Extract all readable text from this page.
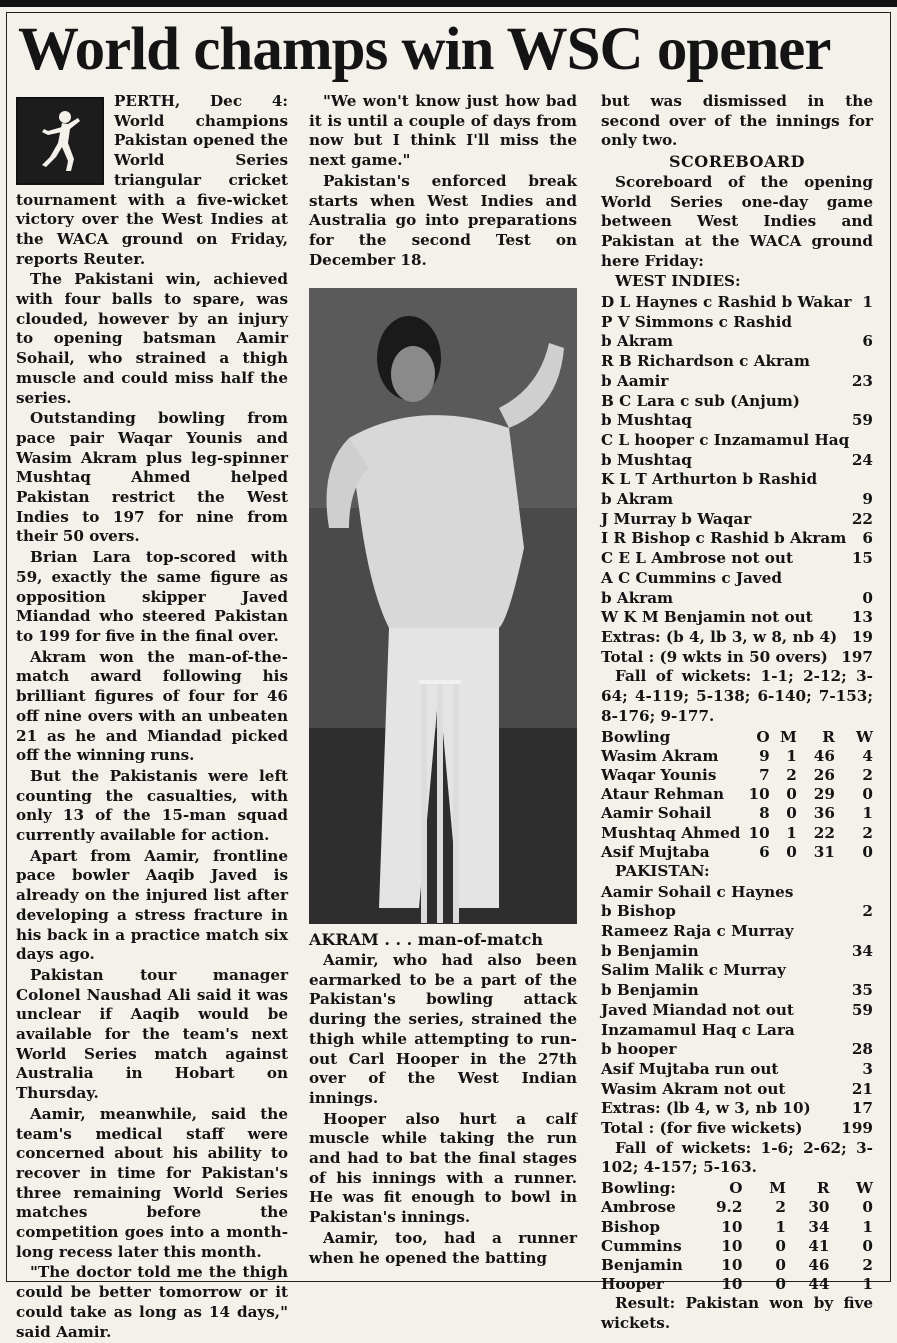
World champs win WSC opener

PERTH, Dec 4: World champions Pakistan opened the World Series triangular cricket tournament with a five-wicket victory over the West Indies at the WACA ground on Friday, reports Reuter.

The Pakistani win, achieved with four balls to spare, was clouded, however by an injury to opening batsman Aamir Sohail, who strained a thigh muscle and could miss half the series.

Outstanding bowling from pace pair Waqar Younis and Wasim Akram plus leg-spinner Mushtaq Ahmed helped Pakistan restrict the West Indies to 197 for nine from their 50 overs.

Brian Lara top-scored with 59, exactly the same figure as opposition skipper Javed Miandad who steered Pakistan to 199 for five in the final over.

Akram won the man-of-the-match award following his brilliant figures of four for 46 off nine overs with an unbeaten 21 as he and Miandad picked off the winning runs.

But the Pakistanis were left counting the casualties, with only 13 of the 15-man squad currently available for action.

Apart from Aamir, frontline pace bowler Aaqib Javed is already on the injured list after developing a stress fracture in his back in a practice match six days ago.

Pakistan tour manager Colonel Naushad Ali said it was unclear if Aaqib would be available for the team's next World Series match against Australia in Hobart on Thursday.

Aamir, meanwhile, said the team's medical staff were concerned about his ability to recover in time for Pakistan's three remaining World Series matches before the competition goes into a month-long recess later this month.

"The doctor told me the thigh could be better tomorrow or it could take as long as 14 days," said Aamir.

"We won't know just how bad it is until a couple of days from now but I think I'll miss the next game."

Pakistan's enforced break starts when West Indies and Australia go into preparations for the second Test on December 18.

AKRAM . . . man-of-match

Aamir, who had also been earmarked to be a part of the Pakistan's bowling attack during the series, strained the thigh while attempting to run-out Carl Hooper in the 27th over of the West Indian innings.

Hooper also hurt a calf muscle while taking the run and had to bat the final stages of his innings with a runner. He was fit enough to bowl in Pakistan's innings.

Aamir, too, had a runner when he opened the batting

but was dismissed in the second over of the innings for only two.

SCOREBOARD

Scoreboard of the opening World Series one-day game between West Indies and Pakistan at the WACA ground here Friday:

WEST INDIES:

D L Haynes c Rashid b Wakar 1
P V Simmons c Rashid
b Akram	6
R B Richardson c Akram
b Aamir	23
B C Lara c sub (Anjum)
b Mushtaq	59
C L hooper c Inzamamul Haq
b Mushtaq	24
K L T Arthurton b Rashid
b Akram	9
J Murray b Waqar	22
I R Bishop c Rashid b Akram	6
C E L Ambrose not out	15
A C Cummins c Javed
b Akram	0
W K M Benjamin not out	13
Extras: (b 4, lb 3, w 8, nb 4) 19
Total : (9 wkts in 50 overs) 197

Fall of wickets: 1-1; 2-12; 3-64; 4-119; 5-138; 6-140; 7-153; 8-176; 9-177.

Bowling	O	M	R	W
Wasim Akram	9	1	46	4
Waqar Younis	7	2	26	2
Ataur Rehman	10	0	29	0
Aamir Sohail	8	0	36	1
Mushtaq Ahmed	10	1	22	2
Asif Mujtaba	6	0	31	0

PAKISTAN:

Aamir Sohail c Haynes
b Bishop	2
Rameez Raja c Murray
b Benjamin	34
Salim Malik c Murray
b Benjamin	35
Javed Miandad not out	59
Inzamamul Haq c Lara
b hooper	28
Asif Mujtaba run out	3
Wasim Akram not out	21
Extras: (lb 4, w 3, nb 10)	17
Total : (for five wickets)	199

Fall of wickets: 1-6; 2-62; 3-102; 4-157; 5-163.

Bowling:	O	M	R	W
Ambrose	9.2	2	30	0
Bishop	10	1	34	1
Cummins	10	0	41	0
Benjamin	10	0	46	2
Hooper	10	0	44	1

Result: Pakistan won by five wickets.
